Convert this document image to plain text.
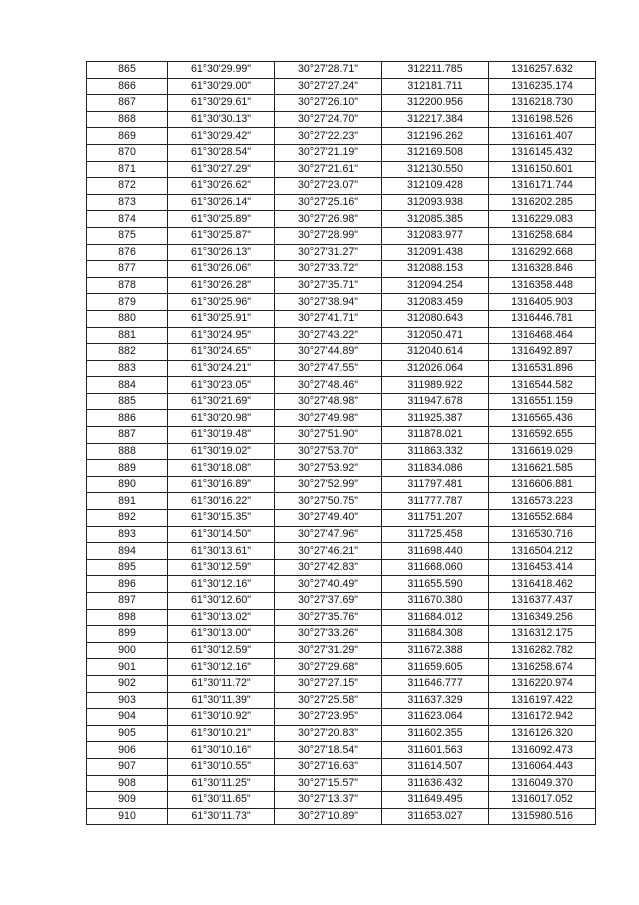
865	61°30'29.99"	30°27'28.71"	312211.785	1316257.632
866	61°30'29.00"	30°27'27.24"	312181.711	1316235.174
867	61°30'29.61"	30°27'26.10"	312200.956	1316218.730
868	61°30'30.13"	30°27'24.70"	312217.384	1316198.526
869	61°30'29.42"	30°27'22.23"	312196.262	1316161.407
870	61°30'28.54"	30°27'21.19"	312169.508	1316145.432
871	61°30'27.29"	30°27'21.61"	312130.550	1316150.601
872	61°30'26.62"	30°27'23.07"	312109.428	1316171.744
873	61°30'26.14"	30°27'25.16"	312093.938	1316202.285
874	61°30'25.89"	30°27'26.98"	312085.385	1316229.083
875	61°30'25.87"	30°27'28.99"	312083.977	1316258.684
876	61°30'26.13"	30°27'31.27"	312091.438	1316292.668
877	61°30'26.06"	30°27'33.72"	312088.153	1316328.846
878	61°30'26.28"	30°27'35.71"	312094.254	1316358.448
879	61°30'25.96"	30°27'38.94"	312083.459	1316405.903
880	61°30'25.91"	30°27'41.71"	312080.643	1316446.781
881	61°30'24.95"	30°27'43.22"	312050.471	1316468.464
882	61°30'24.65"	30°27'44.89"	312040.614	1316492.897
883	61°30'24.21"	30°27'47.55"	312026.064	1316531.896
884	61°30'23.05"	30°27'48.46"	311989.922	1316544.582
885	61°30'21.69"	30°27'48.98"	311947.678	1316551.159
886	61°30'20.98"	30°27'49.98"	311925.387	1316565.436
887	61°30'19.48"	30°27'51.90"	311878.021	1316592.655
888	61°30'19.02"	30°27'53.70"	311863.332	1316619.029
889	61°30'18.08"	30°27'53.92"	311834.086	1316621.585
890	61°30'16.89"	30°27'52.99"	311797.481	1316606.881
891	61°30'16.22"	30°27'50.75"	311777.787	1316573.223
892	61°30'15.35"	30°27'49.40"	311751.207	1316552.684
893	61°30'14.50"	30°27'47.96"	311725.458	1316530.716
894	61°30'13.61"	30°27'46.21"	311698.440	1316504.212
895	61°30'12.59"	30°27'42.83"	311668.060	1316453.414
896	61°30'12.16"	30°27'40.49"	311655.590	1316418.462
897	61°30'12.60"	30°27'37.69"	311670.380	1316377.437
898	61°30'13.02"	30°27'35.76"	311684.012	1316349.256
899	61°30'13.00"	30°27'33.26"	311684.308	1316312.175
900	61°30'12.59"	30°27'31.29"	311672.388	1316282.782
901	61°30'12.16"	30°27'29.68"	311659.605	1316258.674
902	61°30'11.72"	30°27'27.15"	311646.777	1316220.974
903	61°30'11.39"	30°27'25.58"	311637.329	1316197.422
904	61°30'10.92"	30°27'23.95"	311623.064	1316172.942
905	61°30'10.21"	30°27'20.83"	311602.355	1316126.320
906	61°30'10.16"	30°27'18.54"	311601.563	1316092.473
907	61°30'10.55"	30°27'16.63"	311614.507	1316064.443
908	61°30'11.25"	30°27'15.57"	311636.432	1316049.370
909	61°30'11.65"	30°27'13.37"	311649.495	1316017.052
910	61°30'11.73"	30°27'10.89"	311653.027	1315980.516
